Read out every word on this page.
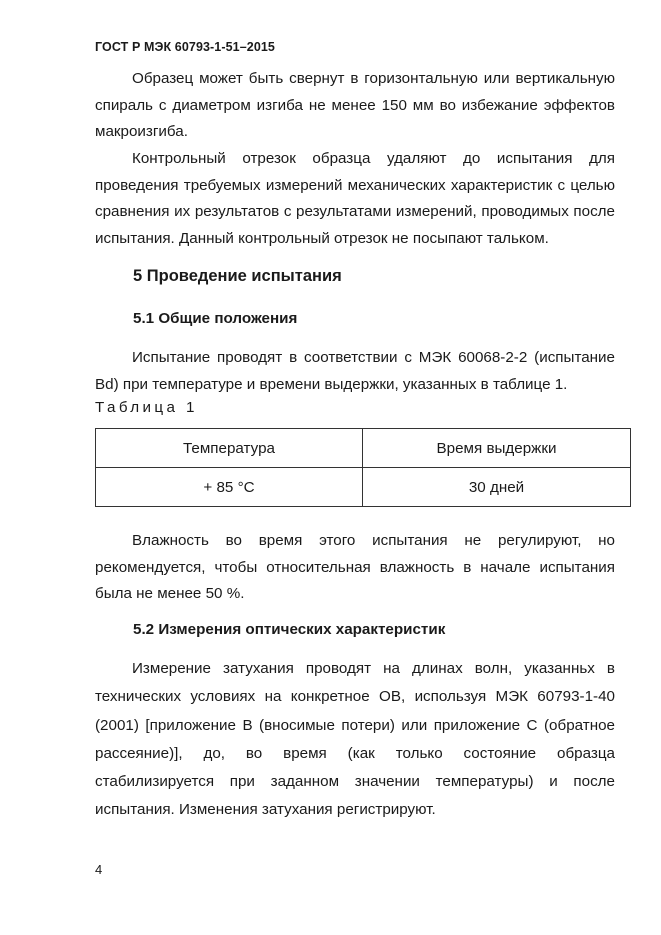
ГОСТ Р МЭК 60793-1-51–2015

Образец может быть свернут в горизонтальную или вертикальную спираль с диаметром изгиба не менее 150 мм во избежание эффектов макроизгиба.

Контрольный отрезок образца удаляют до испытания для проведения требуемых измерений механических характеристик с целью сравнения их результатов с результатами измерений, проводимых после испытания. Данный контрольный отрезок не посыпают тальком.

5 Проведение испытания
5.1 Общие положения

Испытание проводят в соответствии с МЭК 60068-2-2 (испытание Bd) при температуре и времени выдержки, указанных в таблице 1.

Таблица 1
Температура	Время выдержки
+ 85 °С	30 дней

Влажность во время этого испытания не регулируют, но рекомендуется, чтобы относительная влажность в начале испытания была не менее 50 %.

5.2 Измерения оптических характеристик

Измерение затухания проводят на длинах волн, указанньх в технических условиях на конкретное ОВ, используя МЭК 60793-1-40 (2001) [приложение В (вносимые потери) или приложение С (обратное рассеяние)], до, во время (как только состояние образца стабилизируется при заданном значении температуры) и после испытания. Изменения затухания регистрируют.

4
